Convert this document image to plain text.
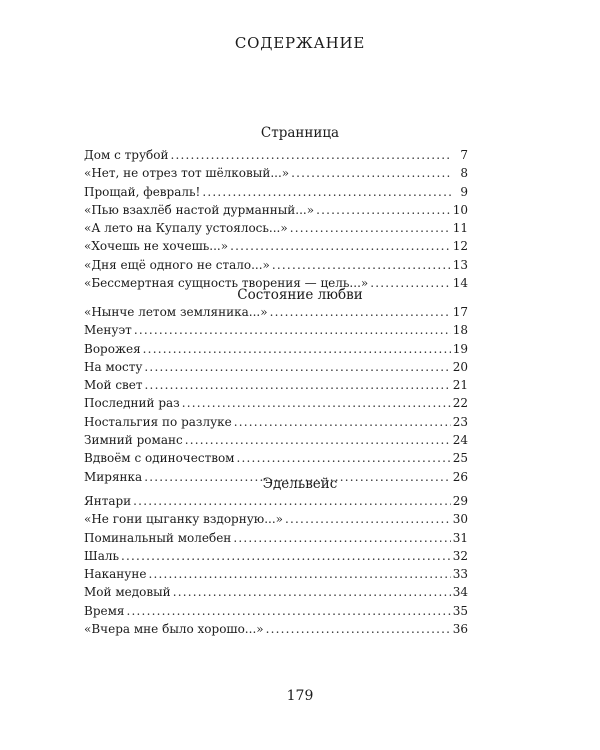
СОДЕРЖАНИЕ
Странница
Дом с трубой .....	7
«Нет, не отрез тот шёлковый...» .....	8
Прощай, февраль! .....	9
«Пью взахлёб настой дурманный...» .....	10
«А лето на Купалу устоялось...» .....	11
«Хочешь не хочешь...» .....	12
«Дня ещё одного не стало...» .....	13
«Бессмертная сущность творения — цель...» .....	14
Состояние любви
«Нынче летом земляника...» .....	17
Менуэт .....	18
Ворожея .....	19
На мосту .....	20
Мой свет .....	21
Последний раз .....	22
Ностальгия по разлуке .....	23
Зимний романс .....	24
Вдвоём с одиночеством .....	25
Мирянка .....	26
Эдельвейс
Янтари .....	29
«Не гони цыганку вздорную...» .....	30
Поминальный молебен .....	31
Шаль .....	32
Накануне .....	33
Мой медовый .....	34
Время .....	35
«Вчера мне было хорошо...» .....	36
179
